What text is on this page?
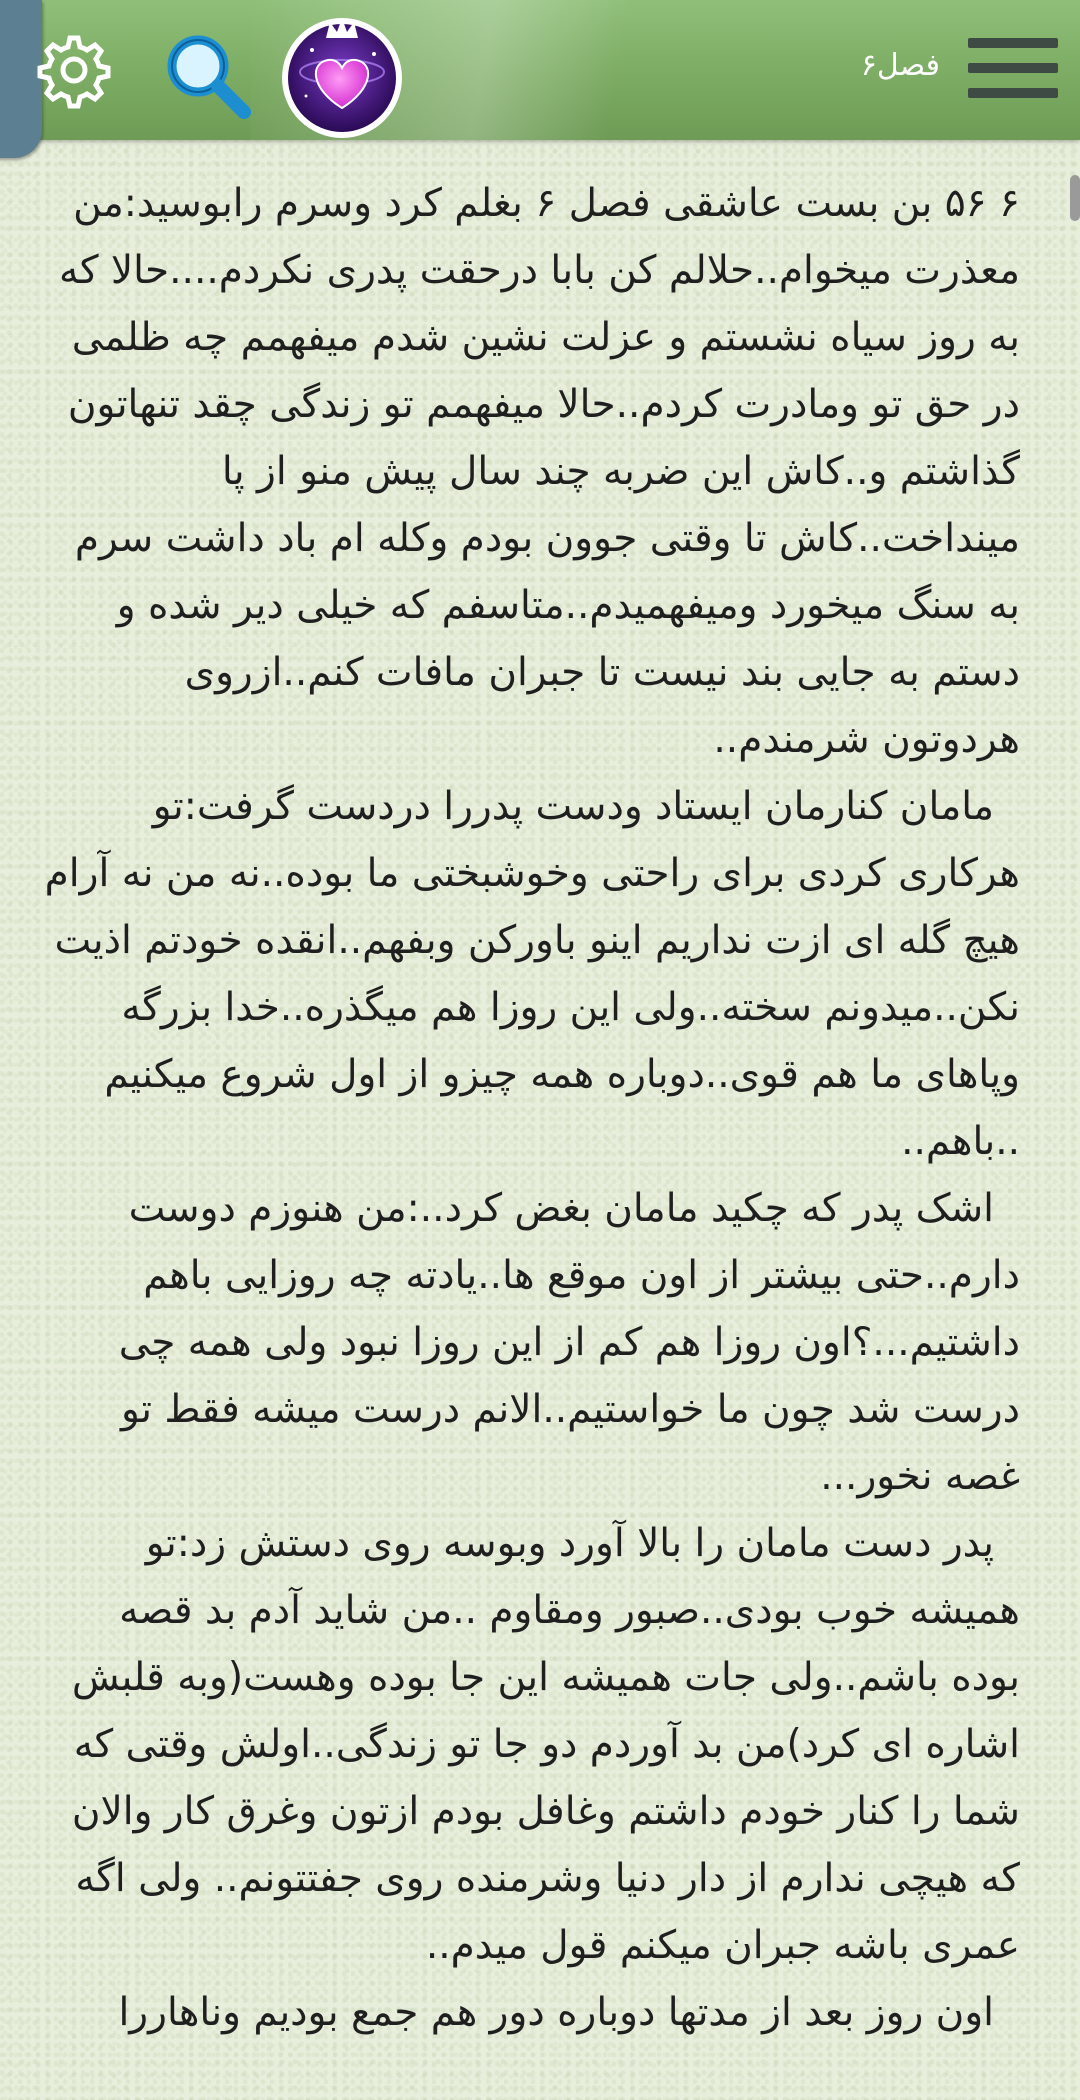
فصل۶

۶ ۵۶ بن بست عاشقی فصل ۶ بغلم کرد وسرم رابوسید:من معذرت میخوام..حلالم کن بابا درحقت پدری نکردم....حالا که به روز سیاه نشستم و عزلت نشین شدم میفهمم چه ظلمی در حق تو ومادرت کردم..حالا میفهمم تو زندگی چقد تنهاتون گذاشتم و..کاش این ضربه چند سال پیش منو از پا مینداخت..کاش تا وقتی جوون بودم وکله ام باد داشت سرم به سنگ میخورد ومیفهمیدم..متاسفم که خیلی دیر شده و دستم به جایی بند نیست تا جبران مافات کنم..ازروی هردوتون شرمندم..

مامان کنارمان ایستاد ودست پدررا دردست گرفت:تو هرکاری کردی برای راحتی وخوشبختی ما بوده..نه من نه آرام هیچ گله ای ازت نداریم اینو باورکن وبفهم..انقده خودتم اذیت نکن..میدونم سخته..ولی این روزا هم میگذره..خدا بزرگه وپاهای ما هم قوی..دوباره همه چیزو از اول شروع میکنیم ..باهم..

اشک پدر که چکید مامان بغض کرد..:من هنوزم دوست دارم..حتی بیشتر از اون موقع ها..یادته چه روزایی باهم داشتیم...؟اون روزا هم کم از این روزا نبود ولی همه چی درست شد چون ما خواستیم..الانم درست میشه فقط تو غصه نخور...

پدر دست مامان را بالا آورد وبوسه روی دستش زد:تو همیشه خوب بودی..صبور ومقاوم ..من شاید آدم بد قصه بوده باشم..ولی جات همیشه این جا بوده وهست(وبه قلبش اشاره ای کرد)من بد آوردم دو جا تو زندگی..اولش وقتی که شما را کنار خودم داشتم وغافل بودم ازتون وغرق کار والان که هیچی ندارم از دار دنیا وشرمنده روی جفتتونم.. ولی اگه عمری باشه جبران میکنم قول میدم..

اون روز بعد از مدتها دوباره دور هم جمع بودیم وناهاررا
